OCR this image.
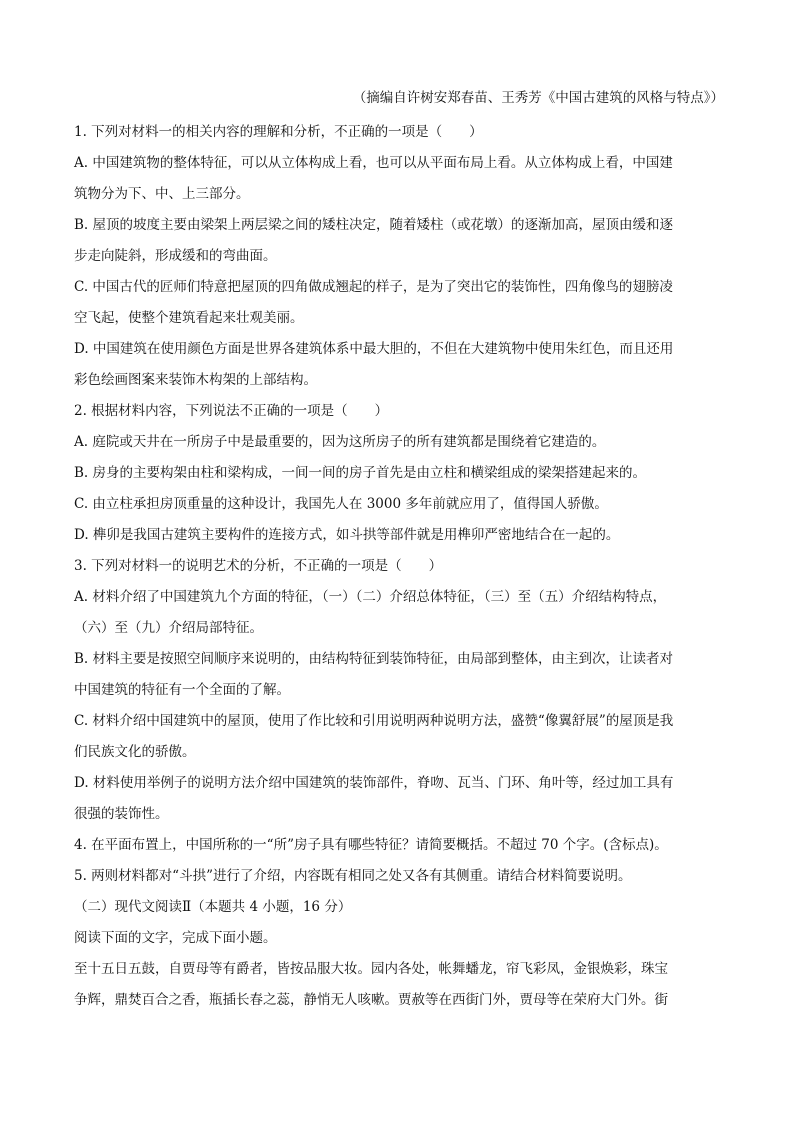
（摘编自许树安郑春苗、王秀芳《中国古建筑的风格与特点》）
1. 下列对材料一的相关内容的理解和分析，不正确的一项是（　　）
A. 中国建筑物的整体特征，可以从立体构成上看，也可以从平面布局上看。从立体构成上看，中国建
筑物分为下、中、上三部分。
B. 屋顶的坡度主要由梁架上两层梁之间的矮柱决定，随着矮柱（或花墩）的逐渐加高，屋顶由缓和逐
步走向陡斜，形成缓和的弯曲面。
C. 中国古代的匠师们特意把屋顶的四角做成翘起的样子，是为了突出它的装饰性，四角像鸟的翅膀凌
空飞起，使整个建筑看起来壮观美丽。
D. 中国建筑在使用颜色方面是世界各建筑体系中最大胆的，不但在大建筑物中使用朱红色，而且还用
彩色绘画图案来装饰木构架的上部结构。
2. 根据材料内容，下列说法不正确的一项是（　　）
A. 庭院或天井在一所房子中是最重要的，因为这所房子的所有建筑都是围绕着它建造的。
B. 房身的主要构架由柱和梁构成，一间一间的房子首先是由立柱和横梁组成的梁架搭建起来的。
C. 由立柱承担房顶重量的这种设计，我国先人在 3000 多年前就应用了，值得国人骄傲。
D. 榫卯是我国古建筑主要构件的连接方式，如斗拱等部件就是用榫卯严密地结合在一起的。
3. 下列对材料一的说明艺术的分析，不正确的一项是（　　）
A. 材料介绍了中国建筑九个方面的特征，（一）（二）介绍总体特征，（三）至（五）介绍结构特点，
（六）至（九）介绍局部特征。
B. 材料主要是按照空间顺序来说明的，由结构特征到装饰特征，由局部到整体，由主到次，让读者对
中国建筑的特征有一个全面的了解。
C. 材料介绍中国建筑中的屋顶，使用了作比较和引用说明两种说明方法，盛赞“像翼舒展”的屋顶是我
们民族文化的骄傲。
D. 材料使用举例子的说明方法介绍中国建筑的装饰部件，脊吻、瓦当、门环、角叶等，经过加工具有
很强的装饰性。
4. 在平面布置上，中国所称的一“所”房子具有哪些特征？请简要概括。不超过 70 个字。(含标点)。
5. 两则材料都对“斗拱”进行了介绍，内容既有相同之处又各有其侧重。请结合材料简要说明。
（二）现代文阅读Ⅱ（本题共 4 小题，16 分）
阅读下面的文字，完成下面小题。
至十五日五鼓，自贾母等有爵者，皆按品服大妆。园内各处，帐舞蟠龙，帘飞彩凤，金银焕彩，珠宝
争辉，鼎焚百合之香，瓶插长春之蕊，静悄无人咳嗽。贾赦等在西街门外，贾母等在荣府大门外。街
